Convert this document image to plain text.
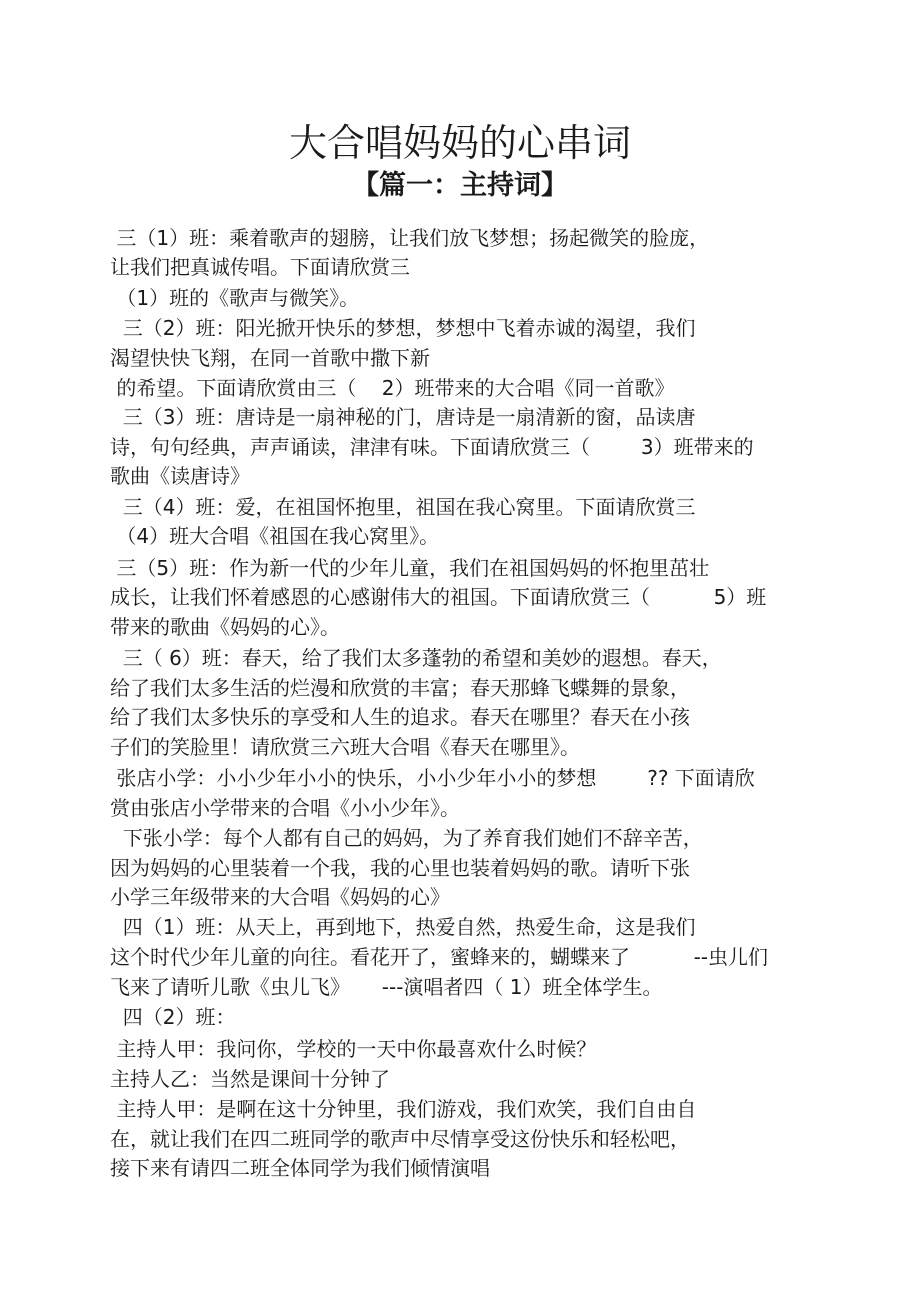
大合唱妈妈的心串词
【篇一：主持词】

三（1）班：乘着歌声的翅膀，让我们放飞梦想；扬起微笑的脸庞，

让我们把真诚传唱。下面请欣赏三

（1）班的《歌声与微笑》。

三（2）班：阳光掀开快乐的梦想，梦想中飞着赤诚的渴望，我们

渴望快快飞翔，在同一首歌中撒下新

的希望。下面请欣赏由三（    2）班带来的大合唱《同一首歌》

三（3）班：唐诗是一扇神秘的门，唐诗是一扇清新的窗，品读唐

诗，句句经典，声声诵读，津津有味。下面请欣赏三（        3）班带来的

歌曲《读唐诗》

三（4）班：爱，在祖国怀抱里，祖国在我心窝里。下面请欣赏三

（4）班大合唱《祖国在我心窝里》。

三（5）班：作为新一代的少年儿童，我们在祖国妈妈的怀抱里茁壮

成长，让我们怀着感恩的心感谢伟大的祖国。下面请欣赏三（          5）班

带来的歌曲《妈妈的心》。

三（ 6）班：春天，给了我们太多蓬勃的希望和美妙的遐想。春天，

给了我们太多生活的烂漫和欣赏的丰富；春天那蜂飞蝶舞的景象，

给了我们太多快乐的享受和人生的追求。春天在哪里？春天在小孩

子们的笑脸里！请欣赏三六班大合唱《春天在哪里》。

张店小学：小小少年小小的快乐，小小少年小小的梦想        ?? 下面请欣

赏由张店小学带来的合唱《小小少年》。

下张小学：每个人都有自己的妈妈，为了养育我们她们不辞辛苦，

因为妈妈的心里装着一个我，我的心里也装着妈妈的歌。请听下张

小学三年级带来的大合唱《妈妈的心》

四（1）班：从天上，再到地下，热爱自然，热爱生命，这是我们

这个时代少年儿童的向往。看花开了，蜜蜂来的，蝴蝶来了          --虫儿们

飞来了请听儿歌《虫儿飞》     ---演唱者四（ 1）班全体学生。

四（2）班：

主持人甲：我问你，学校的一天中你最喜欢什么时候？

主持人乙：当然是课间十分钟了

主持人甲：是啊在这十分钟里，我们游戏，我们欢笑，我们自由自

在，就让我们在四二班同学的歌声中尽情享受这份快乐和轻松吧，

接下来有请四二班全体同学为我们倾情演唱
